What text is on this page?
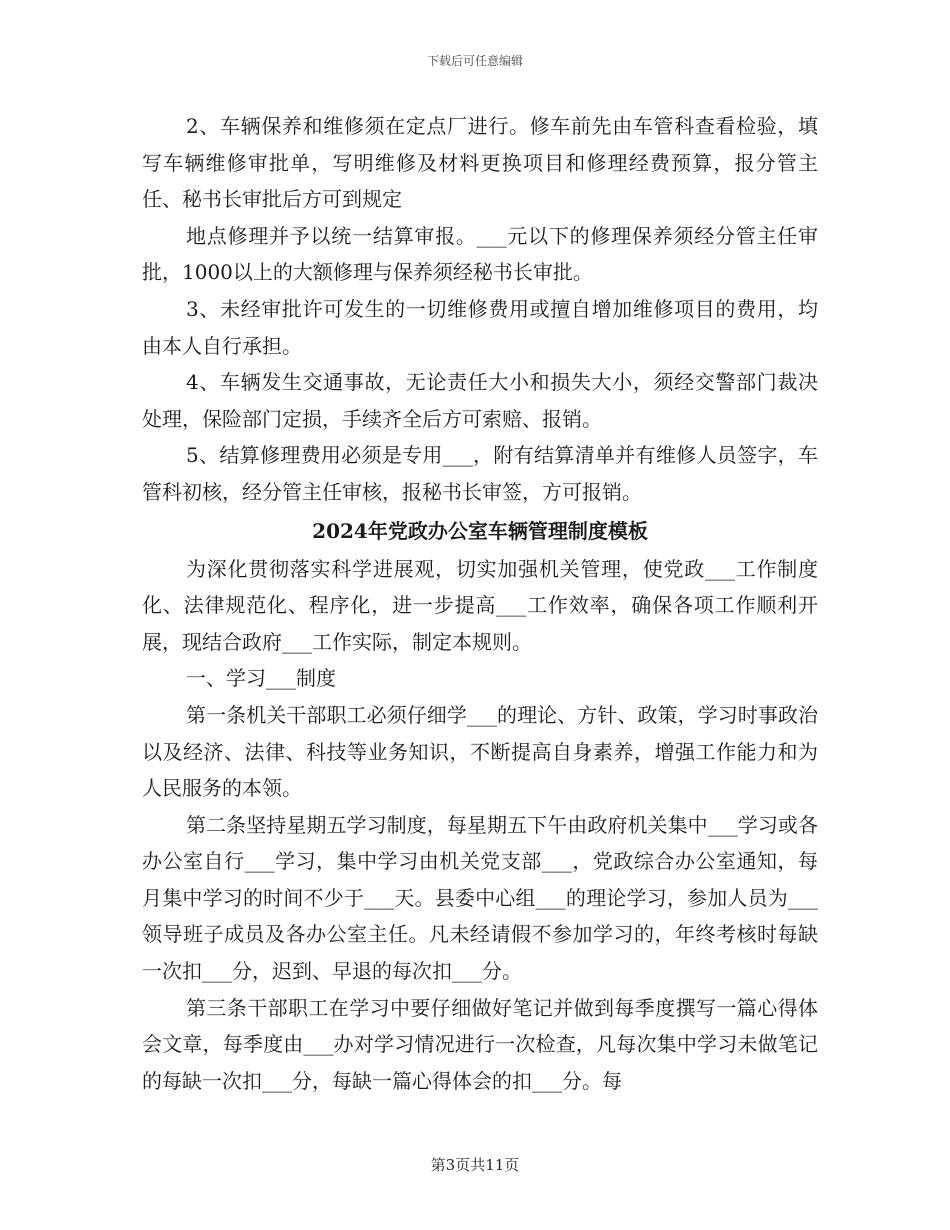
下载后可任意编辑

2、车辆保养和维修须在定点厂进行。修车前先由车管科查看检验，填写车辆维修审批单，写明维修及材料更换项目和修理经费预算，报分管主任、秘书长审批后方可到规定

地点修理并予以统一结算审报。___元以下的修理保养须经分管主任审批，1000以上的大额修理与保养须经秘书长审批。

3、未经审批许可发生的一切维修费用或擅自增加维修项目的费用，均由本人自行承担。

4、车辆发生交通事故，无论责任大小和损失大小，须经交警部门裁决处理，保险部门定损，手续齐全后方可索赔、报销。

5、结算修理费用必须是专用___，附有结算清单并有维修人员签字，车管科初核，经分管主任审核，报秘书长审签，方可报销。

2024年党政办公室车辆管理制度模板

为深化贯彻落实科学进展观，切实加强机关管理，使党政___工作制度化、法律规范化、程序化，进一步提高___工作效率，确保各项工作顺利开展，现结合政府___工作实际，制定本规则。

一、学习___制度

第一条机关干部职工必须仔细学___的理论、方针、政策，学习时事政治以及经济、法律、科技等业务知识，不断提高自身素养，增强工作能力和为人民服务的本领。

第二条坚持星期五学习制度，每星期五下午由政府机关集中___学习或各办公室自行___学习，集中学习由机关党支部___，党政综合办公室通知，每月集中学习的时间不少于___天。县委中心组___的理论学习，参加人员为___领导班子成员及各办公室主任。凡未经请假不参加学习的，年终考核时每缺一次扣___分，迟到、早退的每次扣___分。

第三条干部职工在学习中要仔细做好笔记并做到每季度撰写一篇心得体会文章，每季度由___办对学习情况进行一次检查，凡每次集中学习未做笔记的每缺一次扣___分，每缺一篇心得体会的扣___分。每

第3页共11页
